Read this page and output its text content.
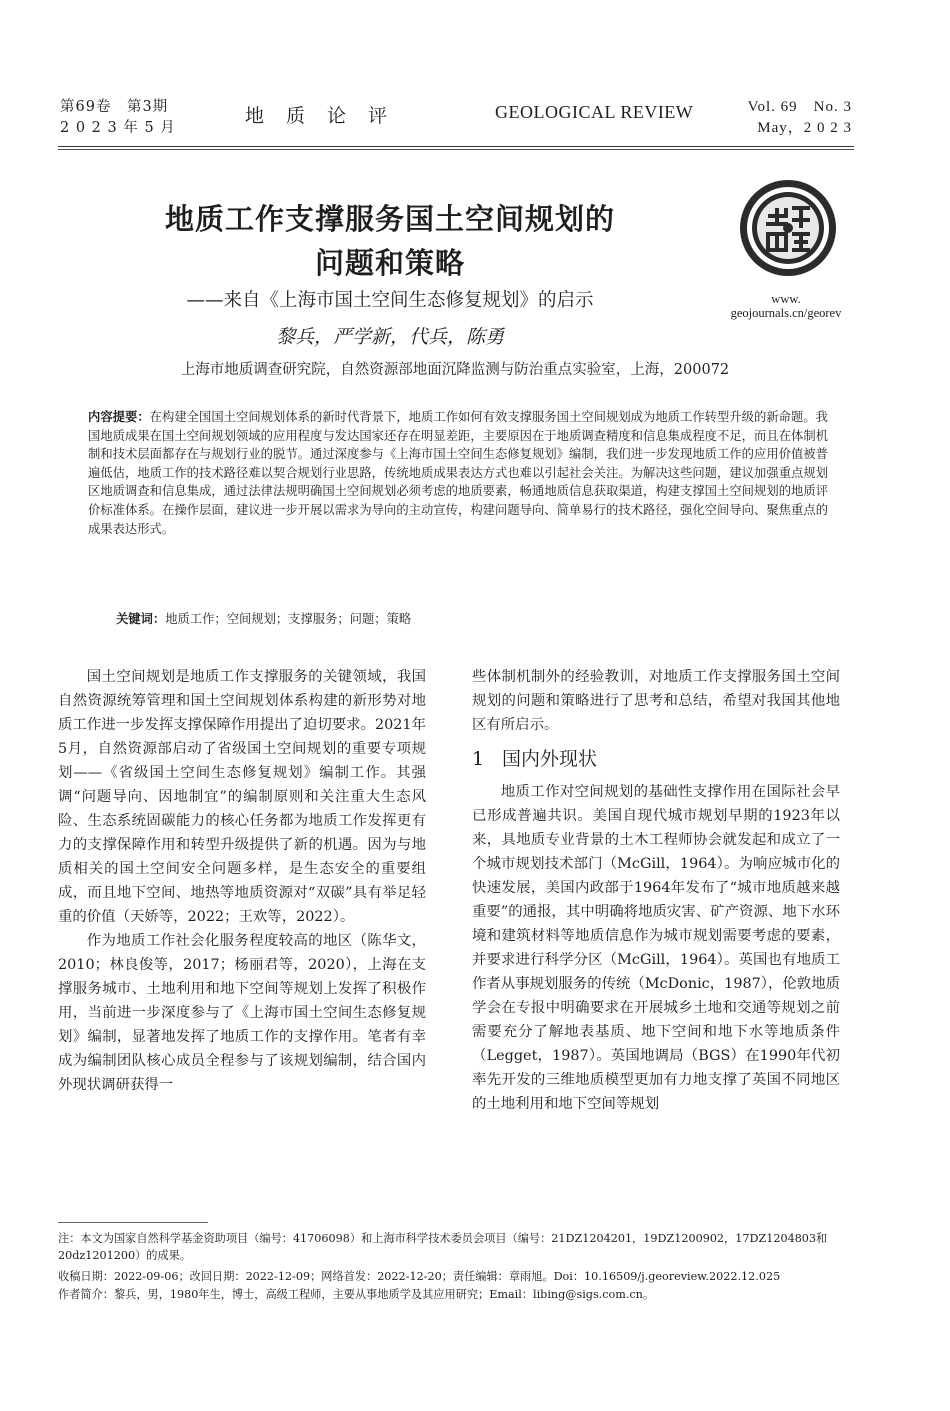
第69卷　第3期
2 0 2 3 年 5 月
地质论评	GEOLOGICAL REVIEW	Vol. 69　No. 3
May，2 0 2 3
www.
geojournals.cn/georev
地质工作支撑服务国土空间规划的
问题和策略
——来自《上海市国土空间生态修复规划》的启示
黎兵，严学新，代兵，陈勇
上海市地质调查研究院，自然资源部地面沉降监测与防治重点实验室，上海，200072
内容提要：在构建全国国土空间规划体系的新时代背景下，地质工作如何有效支撑服务国土空间规划成为地质工作转型升级的新命题。我国地质成果在国土空间规划领域的应用程度与发达国家还存在明显差距，主要原因在于地质调查精度和信息集成程度不足，而且在体制机制和技术层面都存在与规划行业的脱节。通过深度参与《上海市国土空间生态修复规划》编制，我们进一步发现地质工作的应用价值被普遍低估，地质工作的技术路径难以契合规划行业思路，传统地质成果表达方式也难以引起社会关注。为解决这些问题，建议加强重点规划区地质调查和信息集成，通过法律法规明确国土空间规划必须考虑的地质要素，畅通地质信息获取渠道，构建支撑国土空间规划的地质评价标准体系。在操作层面，建议进一步开展以需求为导向的主动宣传，构建问题导向、简单易行的技术路径，强化空间导向、聚焦重点的成果表达形式。
关键词：地质工作；空间规划；支撑服务；问题；策略

国土空间规划是地质工作支撑服务的关键领域，我国自然资源统筹管理和国土空间规划体系构建的新形势对地质工作进一步发挥支撑保障作用提出了迫切要求。2021年5月，自然资源部启动了省级国土空间规划的重要专项规划——《省级国土空间生态修复规划》编制工作。其强调“问题导向、因地制宜”的编制原则和关注重大生态风险、生态系统固碳能力的核心任务都为地质工作发挥更有力的支撑保障作用和转型升级提供了新的机遇。因为与地质相关的国土空间安全问题多样，是生态安全的重要组成，而且地下空间、地热等地质资源对“双碳”具有举足轻重的价值（天娇等，2022；王欢等，2022）。

作为地质工作社会化服务程度较高的地区（陈华文，2010；林良俊等，2017；杨丽君等，2020），上海在支撑服务城市、土地利用和地下空间等规划上发挥了积极作用，当前进一步深度参与了《上海市国土空间生态修复规划》编制，显著地发挥了地质工作的支撑作用。笔者有幸成为编制团队核心成员全程参与了该规划编制，结合国内外现状调研获得一

些体制机制外的经验教训，对地质工作支撑服务国土空间规划的问题和策略进行了思考和总结，希望对我国其他地区有所启示。

1 国内外现状

地质工作对空间规划的基础性支撑作用在国际社会早已形成普遍共识。美国自现代城市规划早期的1923年以来，具地质专业背景的土木工程师协会就发起和成立了一个城市规划技术部门（McGill，1964）。为响应城市化的快速发展，美国内政部于1964年发布了“城市地质越来越重要”的通报，其中明确将地质灾害、矿产资源、地下水环境和建筑材料等地质信息作为城市规划需要考虑的要素，并要求进行科学分区（McGill，1964）。英国也有地质工作者从事规划服务的传统（McDonic，1987），伦敦地质学会在专报中明确要求在开展城乡土地和交通等规划之前需要充分了解地表基质、地下空间和地下水等地质条件（Legget，1987）。英国地调局（BGS）在1990年代初率先开发的三维地质模型更加有力地支撑了英国不同地区的土地利用和地下空间等规划

注：本文为国家自然科学基金资助项目（编号：41706098）和上海市科学技术委员会项目（编号：21DZ1204201，19DZ1200902，17DZ1204803和20dz1201200）的成果。
收稿日期：2022-09-06；改回日期：2022-12-09；网络首发：2022-12-20；责任编辑：章雨旭。Doi：10.16509/j.georeview.2022.12.025
作者简介：黎兵，男，1980年生，博士，高级工程师，主要从事地质学及其应用研究；Email：libing@sigs.com.cn。
